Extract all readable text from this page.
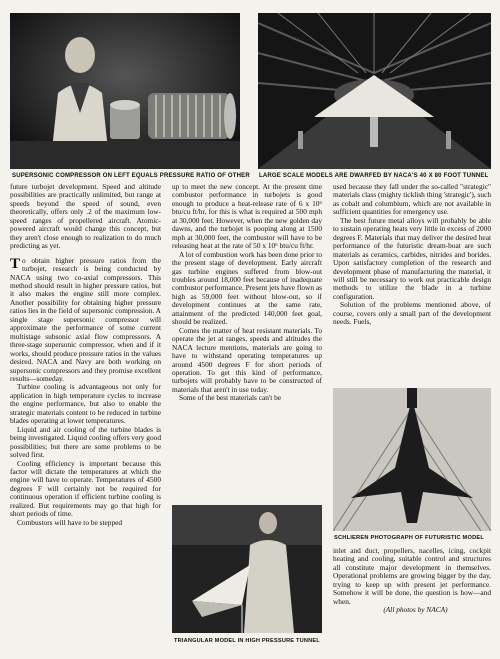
SUPERSONIC COMPRESSOR ON LEFT EQUALS PRESSURE RATIO OF OTHER LARGE SCALE MODELS ARE DWARFED BY NACA'S 40 X 80 FOOT TUNNEL

future turbojet development. Speed and altitude possibilities are practically unlimited, but range at speeds beyond the speed of sound, even theoretically, offers only .2 of the maximum low-speed ranges of propellered aircraft. Atomic-powered aircraft would change this concept, but they aren't close enough to realization to do much predicting as yet.

To obtain higher pressure ratios from the turbojet, research is being conducted by NACA using two co-axial compressors. This method should result in higher pressure ratios, but it also makes the engine still more complex. Another possibility for obtaining higher pressure ratios lies in the field of supersonic compression. A single stage supersonic compressor will approximate the performance of some current multistage subsonic axial flow compressors. A three-stage supersonic compressor, when and if it works, should produce pressure ratios in the values desired. NACA and Navy are both working on supersonic compressors and they promise excellent results—someday.

Turbine cooling is advantageous not only for application in high temperature cycles to increase the engine performance, but also to enable the strategic materials content to be reduced in turbine blades operating at lower temperatures.

Liquid and air cooling of the turbine blades is being investigated. Liquid cooling offers very good possibilities; but there are some problems to be solved first.

Cooling efficiency is important because this factor will dictate the temperatures at which the engine will have to operate. Temperatures of 4500 degrees F will certainly not be required for continuous operation if efficient turbine cooling is realized. But requirements may go that high for short periods of time.

Combustors will have to be stepped

up to meet the new concept. At the present time combustor performance in turbojets is good enough to produce a heat-release rate of 6 x 10⁶ btu/cu ft/hr, for this is what is required at 500 mph at 30,000 feet. However, when the new golden day dawns, and the turbojet is pooping along at 1500 mph at 30,000 feet, the combustor will have to be releasing heat at the rate of 50 x 10⁶ btu/cu ft/hr.

A lot of combustion work has been done prior to the present stage of development. Early aircraft gas turbine engines suffered from blow-out troubles around 18,000 feet because of inadequate combustor performance. Present jets have flown as high as 59,000 feet without blow-out, so if development continues at the same rate, attainment of the predicted 140,000 feet goal, should be realized.

Comes the matter of heat resistant materials. To operate the jet at ranges, speeds and altitudes the NACA lecture mentions, materials are going to have to withstand operating temperatures up around 4500 degrees F for short periods of operation. To get this kind of performance, turbojets will probably have to be constructed of materials that aren't in use today.

Some of the best materials can't be

TRIANGULAR MODEL IN HIGH PRESSURE TUNNEL

used because they fall under the so-called "strategic" materials class (mighty ticklish thing 'strategic'), such as cobalt and columbium, which are not available in sufficient quantities for emergency use.

The best future metal alloys will probably be able to sustain operating heats very little in excess of 2000 degrees F. Materials that may deliver the desired heat performance of the futuristic dream-boat are such materials as ceramics, carbides, nitrides and borides. Upon satisfactory completion of the research and development phase of manufacturing the material, it will still be necessary to work out practicable design methods to utilize the blade in a turbine configuration.

Solution of the problems mentioned above, of course, covers only a small part of the development needs. Fuels,

SCHLIEREN PHOTOGRAPH OF FUTURISTIC MODEL

inlet and duct, propellers, nacelles, icing, cockpit heating and cooling, suitable control and structures all constitute major development in themselves. Operational problems are growing bigger by the day, trying to keep up with present jet performance. Somehow it will be done, the question is how—and when.

(All photos by NACA)
